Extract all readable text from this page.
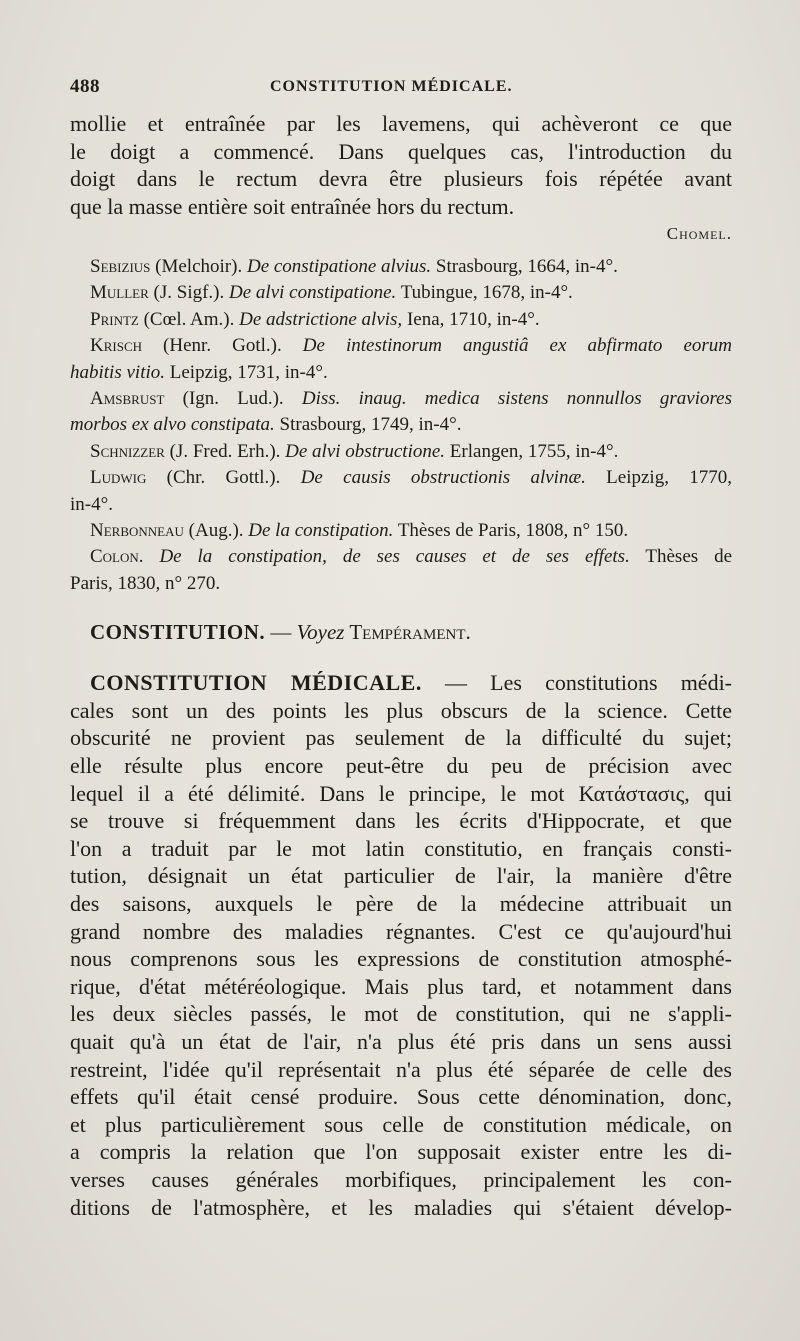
488	CONSTITUTION MÉDICALE.
mollie et entraînée par les lavemens, qui achèveront ce que
le doigt a commencé. Dans quelques cas, l'introduction du
doigt dans le rectum devra être plusieurs fois répétée avant
que la masse entière soit entraînée hors du rectum.
Chomel.
Sebizius (Melchoir). De constipatione alvius. Strasbourg, 1664, in-4°.
Muller (J. Sigf.). De alvi constipatione. Tubingue, 1678, in-4°.
Printz (Cœl. Am.). De adstrictione alvis, Iena, 1710, in-4°.
Krisch (Henr. Gotl.). De intestinorum angustiâ ex abfirmato eorum
habitis vitio. Leipzig, 1731, in-4°.
Amsbrust (Ign. Lud.). Diss. inaug. medica sistens nonnullos graviores
morbos ex alvo constipata. Strasbourg, 1749, in-4°.
Schnizzer (J. Fred. Erh.). De alvi obstructione. Erlangen, 1755, in-4°.
Ludwig (Chr. Gottl.). De causis obstructionis alvinæ. Leipzig, 1770,
in-4°.
Nerbonneau (Aug.). De la constipation. Thèses de Paris, 1808, n° 150.
Colon. De la constipation, de ses causes et de ses effets. Thèses de
Paris, 1830, n° 270.
CONSTITUTION. — Voyez Tempérament.
CONSTITUTION MÉDICALE. — Les constitutions médi-
cales sont un des points les plus obscurs de la science. Cette
obscurité ne provient pas seulement de la difficulté du sujet;
elle résulte plus encore peut-être du peu de précision avec
lequel il a été délimité. Dans le principe, le mot Κατάστασις, qui
se trouve si fréquemment dans les écrits d'Hippocrate, et que
l'on a traduit par le mot latin constitutio, en français consti-
tution, désignait un état particulier de l'air, la manière d'être
des saisons, auxquels le père de la médecine attribuait un
grand nombre des maladies régnantes. C'est ce qu'aujourd'hui
nous comprenons sous les expressions de constitution atmosphé-
rique, d'état météréologique. Mais plus tard, et notamment dans
les deux siècles passés, le mot de constitution, qui ne s'appli-
quait qu'à un état de l'air, n'a plus été pris dans un sens aussi
restreint, l'idée qu'il représentait n'a plus été séparée de celle des
effets qu'il était censé produire. Sous cette dénomination, donc,
et plus particulièrement sous celle de constitution médicale, on
a compris la relation que l'on supposait exister entre les di-
verses causes générales morbifiques, principalement les con-
ditions de l'atmosphère, et les maladies qui s'étaient dévelop-
